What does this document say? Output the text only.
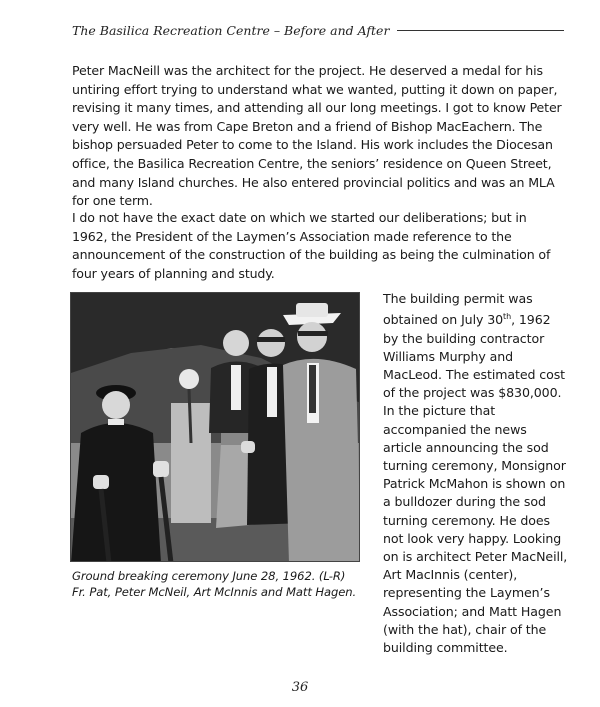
The Basilica Recreation Centre – Before and After

Peter MacNeill was the architect for the project. He deserved a medal for his untiring effort trying to understand what we wanted, putting it down on paper, revising it many times, and attending all our long meetings. I got to know Peter very well. He was from Cape Breton and a friend of Bishop MacEachern. The bishop persuaded Peter to come to the Island. His work includes the Diocesan office, the Basilica Recreation Centre, the seniors’ residence on Queen Street, and many Island churches. He also entered provincial politics and was an MLA for one term.

I do not have the exact date on which we started our deliberations; but in 1962, the President of the Laymen’s Association made reference to the announcement of the construction of the building as being the culmination of four years of planning and study.

Ground breaking ceremony June 28, 1962. (L-R)
Fr. Pat, Peter McNeil, Art McInnis and Matt Hagen.

The building permit was obtained on July 30th, 1962 by the building contractor Williams Murphy and MacLeod. The estimated cost of the project was $830,000. In the picture that accompanied the news article announcing the sod turning ceremony, Monsignor Patrick McMahon is shown on a bulldozer during the sod turning ceremony. He does not look very happy. Looking on is architect Peter MacNeill, Art MacInnis (center), representing the Laymen’s Association; and Matt Hagen (with the hat), chair of the building committee.

36
